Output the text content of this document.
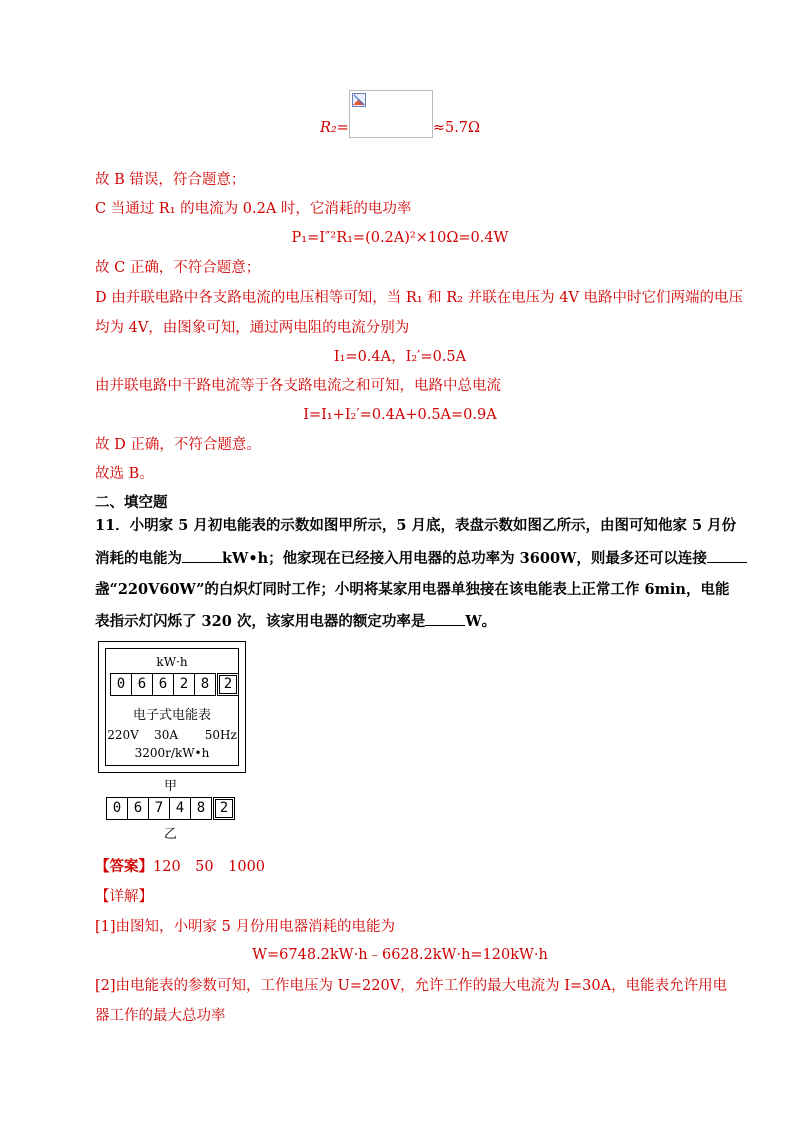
R₂=	≈5.7Ω
故 B 错误，符合题意；
C 当通过 R₁ 的电流为 0.2A 时，它消耗的电功率
P₁=I″²R₁=(0.2A)²×10Ω=0.4W
故 C 正确，不符合题意；
D 由并联电路中各支路电流的电压相等可知，当 R₁ 和 R₂ 并联在电压为 4V 电路中时它们两端的电压
均为 4V，由图象可知，通过两电阻的电流分别为
I₁=0.4A，I₂′=0.5A
由并联电路中干路电流等于各支路电流之和可知，电路中总电流
I=I₁+I₂′=0.4A+0.5A=0.9A
故 D 正确，不符合题意。
故选 B。
二、填空题
11．小明家 5 月初电能表的示数如图甲所示，5 月底，表盘示数如图乙所示，由图可知他家 5 月份
消耗的电能为	kW•h；他家现在已经接入用电器的总功率为 3600W，则最多还可以连接
盏“220V60W”的白炽灯同时工作；小明将某家用电器单独接在该电能表上正常工作 6min，电能
表指示灯闪烁了 320 次，该家用电器的额定功率是	W。
kW·h
0 6 6 2 8	2
电子式电能表
220V 30A 50Hz
3200r/kW•h
甲
0 6 7 4 8	2
乙
【答案】120　50　1000
【详解】
[1]由图知，小明家 5 月份用电器消耗的电能为
W=6748.2kW·h﹣6628.2kW·h=120kW·h
[2]由电能表的参数可知，工作电压为 U=220V，允许工作的最大电流为 I=30A，电能表允许用电
器工作的最大总功率
